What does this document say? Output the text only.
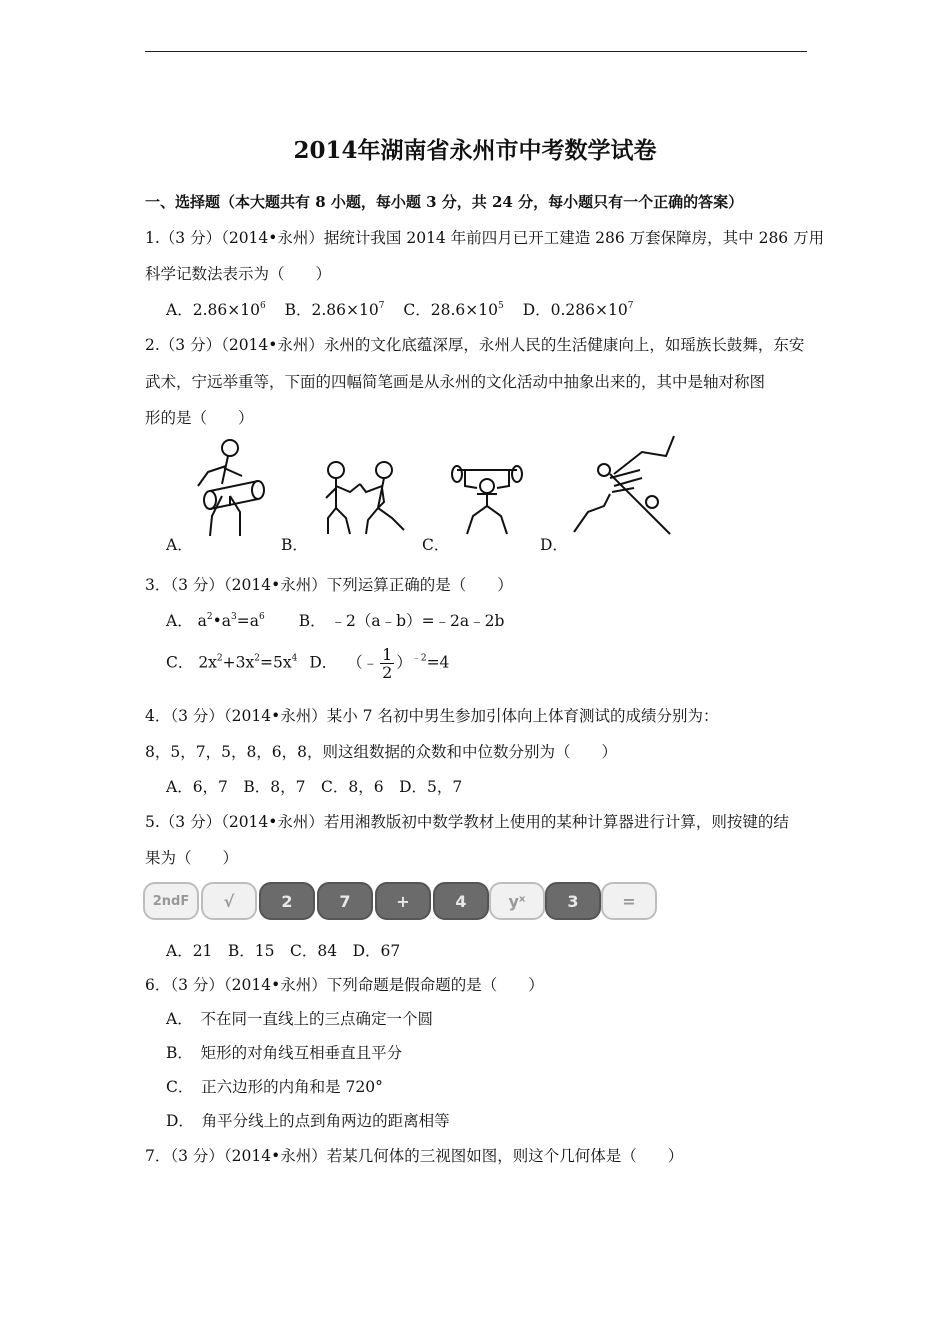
2014年湖南省永州市中考数学试卷
一、选择题（本大题共有 8 小题，每小题 3 分，共 24 分，每小题只有一个正确的答案）
1.（3 分）（2014•永州）据统计我国 2014 年前四月已开工建造 286 万套保障房，其中 286 万用
科学记数法表示为（　　）
A．$2.86\times 10^6$ B．$2.86\times 10^7$ C．$28.6\times 10^5$ D．$0.286\times 10^7$
2.（3 分）（2014•永州）永州的文化底蕴深厚，永州人民的生活健康向上，如瑶族长鼓舞，东安
武术，宁远举重等，下面的四幅简笔画是从永州的文化活动中抽象出来的，其中是轴对称图
形的是（　　）
A．	B．	C．	D．
3．（3 分）（2014•永州）下列运算正确的是（　　）
A． $a^2•a^3=a^6$ B． ﹣2（a﹣b）=﹣2a﹣2b
C． $2x^2+3x^2=5x^4$ D． （﹣ $\frac{1}{2} )^{﹣2}=4$
4．（3 分）（2014•永州）某小 7 名初中男生参加引体向上体育测试的成绩分别为：
8，5，7，5，8，6，8，则这组数据的众数和中位数分别为（　　）
A．6，7　B．8，7　C．8，6　D．5，7
5.（3 分）（2014•永州）若用湘教版初中数学教材上使用的某种计算器进行计算，则按键的结
果为（　　）
2ndF	√	2	7	+	4	yˣ	3	=
A．21　B．15　C．84　D．67
6．（3 分）（2014•永州）下列命题是假命题的是（　　）
A．　不在同一直线上的三点确定一个圆
B．　矩形的对角线互相垂直且平分
C．　正六边形的内角和是 720°
D．　角平分线上的点到角两边的距离相等
7．（3 分）（2014•永州）若某几何体的三视图如图，则这个几何体是（　　）
